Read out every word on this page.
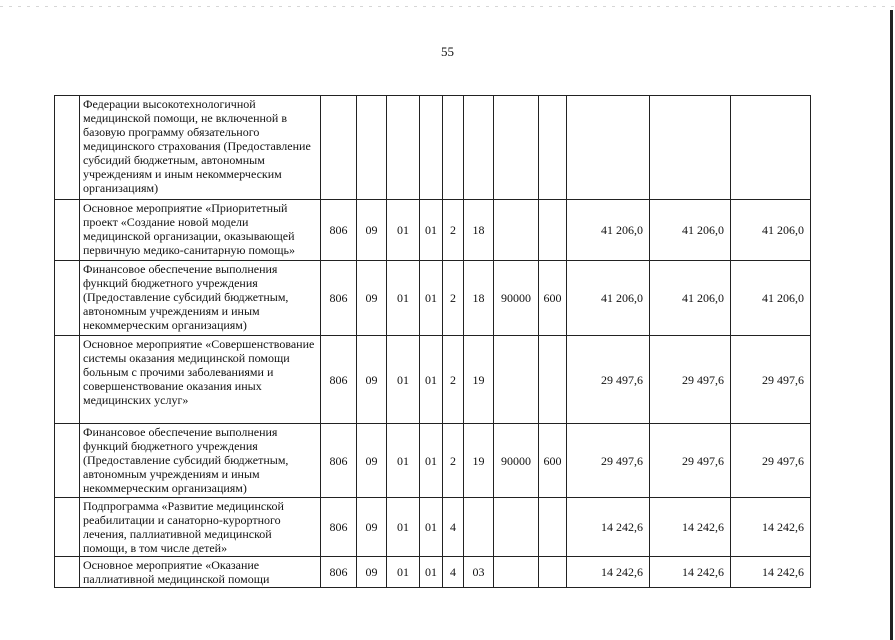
55
	Федерации высокотехнологичной медицинской помощи, не включенной в базовую программу обязательного медицинского страхования (Предоставление субсидий бюджетным, автономным учреждениям и иным некоммерческим организациям)											
	Основное мероприятие «Приоритетный проект «Создание новой модели медицинской организации, оказывающей первичную медико-санитарную помощь»	806	09	01	01	2	18			41 206,0	41 206,0	41 206,0
	Финансовое обеспечение выполнения функций бюджетного учреждения (Предоставление субсидий бюджетным, автономным учреждениям и иным некоммерческим организациям)	806	09	01	01	2	18	90000	600	41 206,0	41 206,0	41 206,0
	Основное мероприятие «Совершенствование системы оказания медицинской помощи больным с прочими заболеваниями и совершенствование оказания иных медицинских услуг»	806	09	01	01	2	19			29 497,6	29 497,6	29 497,6
	Финансовое обеспечение выполнения функций бюджетного учреждения (Предоставление субсидий бюджетным, автономным учреждениям и иным некоммерческим организациям)	806	09	01	01	2	19	90000	600	29 497,6	29 497,6	29 497,6
	Подпрограмма «Развитие медицинской реабилитации и санаторно-курортного лечения, паллиативной медицинской помощи, в том числе детей»	806	09	01	01	4				14 242,6	14 242,6	14 242,6
	Основное мероприятие «Оказание паллиативной медицинской помощи	806	09	01	01	4	03			14 242,6	14 242,6	14 242,6
